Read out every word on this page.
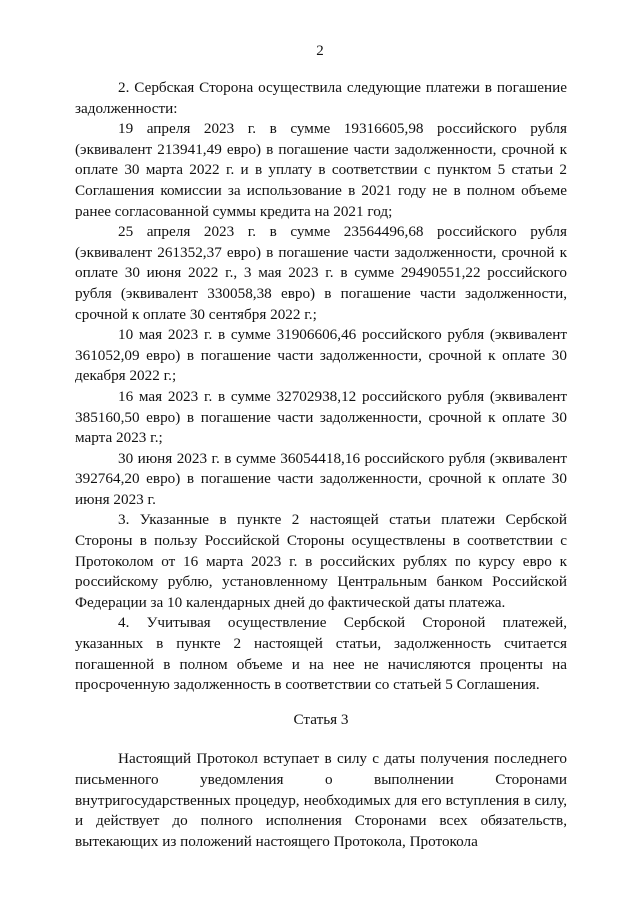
2

2. Сербская Сторона осуществила следующие платежи в погашение задолженности:

19 апреля 2023 г. в сумме 19316605,98 российского рубля (эквивалент 213941,49 евро) в погашение части задолженности, срочной к оплате 30 марта 2022 г. и в уплату в соответствии с пунктом 5 статьи 2 Соглашения комиссии за использование в 2021 году не в полном объеме ранее согласованной суммы кредита на 2021 год;

25 апреля 2023 г. в сумме 23564496,68 российского рубля (эквивалент 261352,37 евро) в погашение части задолженности, срочной к оплате 30 июня 2022 г., 3 мая 2023 г. в сумме 29490551,22 российского рубля (эквивалент 330058,38 евро) в погашение части задолженности, срочной к оплате 30 сентября 2022 г.;

10 мая 2023 г. в сумме 31906606,46 российского рубля (эквивалент 361052,09 евро) в погашение части задолженности, срочной к оплате 30 декабря 2022 г.;

16 мая 2023 г. в сумме 32702938,12 российского рубля (эквивалент 385160,50 евро) в погашение части задолженности, срочной к оплате 30 марта 2023 г.;

30 июня 2023 г. в сумме 36054418,16 российского рубля (эквивалент 392764,20 евро) в погашение части задолженности, срочной к оплате 30 июня 2023 г.

3. Указанные в пункте 2 настоящей статьи платежи Сербской Стороны в пользу Российской Стороны осуществлены в соответствии с Протоколом от 16 марта 2023 г. в российских рублях по курсу евро к российскому рублю, установленному Центральным банком Российской Федерации за 10 календарных дней до фактической даты платежа.

4. Учитывая осуществление Сербской Стороной платежей, указанных в пункте 2 настоящей статьи, задолженность считается погашенной в полном объеме и на нее не начисляются проценты на просроченную задолженность в соответствии со статьей 5 Соглашения.

Статья 3

Настоящий Протокол вступает в силу с даты получения последнего письменного уведомления о выполнении Сторонами внутригосударственных процедур, необходимых для его вступления в силу, и действует до полного исполнения Сторонами всех обязательств, вытекающих из положений настоящего Протокола, Протокола
